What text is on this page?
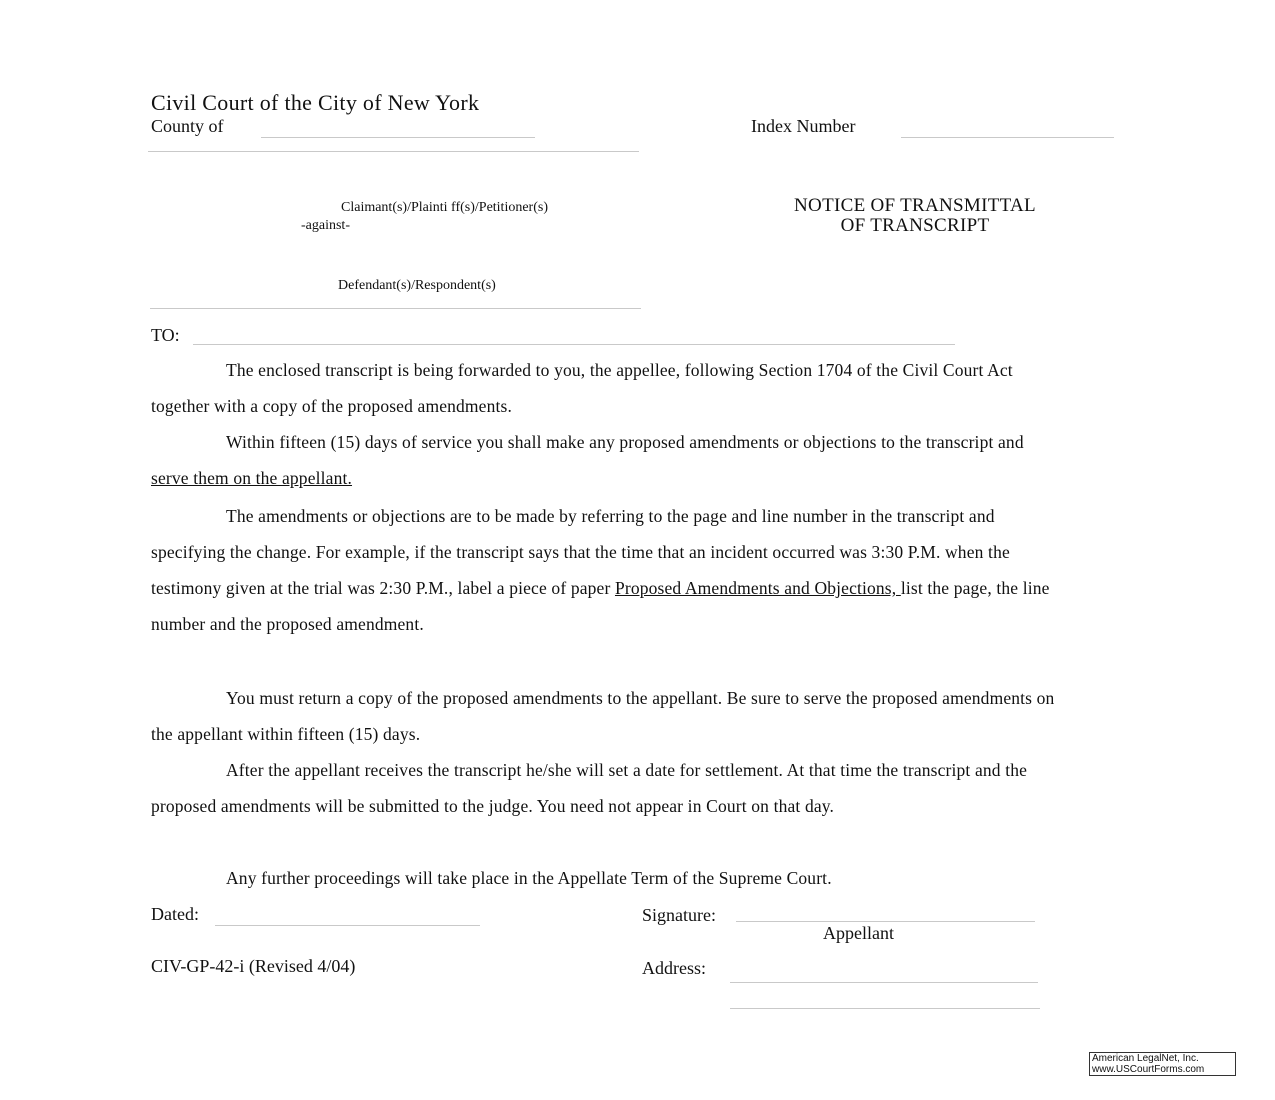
Civil Court of the City of New York
County of	Index Number
Claimant(s)/Plainti ff(s)/Petitioner(s)
-against-
Defendant(s)/Respondent(s)
NOTICE OF TRANSMITTAL
OF TRANSCRIPT
TO:
The enclosed transcript is being forwarded to you, the appellee, following Section 1704 of the Civil Court Act together with a copy of the proposed amendments.
Within fifteen (15) days of service you shall make any proposed amendments or objections to the transcript and serve them on the appellant.
The amendments or objections are to be made by referring to the page and line number in the transcript and specifying the change. For example, if the transcript says that the time that an incident occurred was 3:30 P.M. when the testimony given at the trial was 2:30 P.M., label a piece of paper Proposed Amendments and Objections, list the page, the line number and the proposed amendment.
You must return a copy of the proposed amendments to the appellant. Be sure to serve the proposed amendments on the appellant within fifteen (15) days.
After the appellant receives the transcript he/she will set a date for settlement. At that time the transcript and the proposed amendments will be submitted to the judge. You need not appear in Court on that day.
Any further proceedings will take place in the Appellate Term of the Supreme Court.
Dated:	Signature:
Appellant
CIV-GP-42-i (Revised 4/04)	Address:
American LegalNet, Inc.
www.USCourtForms.com
